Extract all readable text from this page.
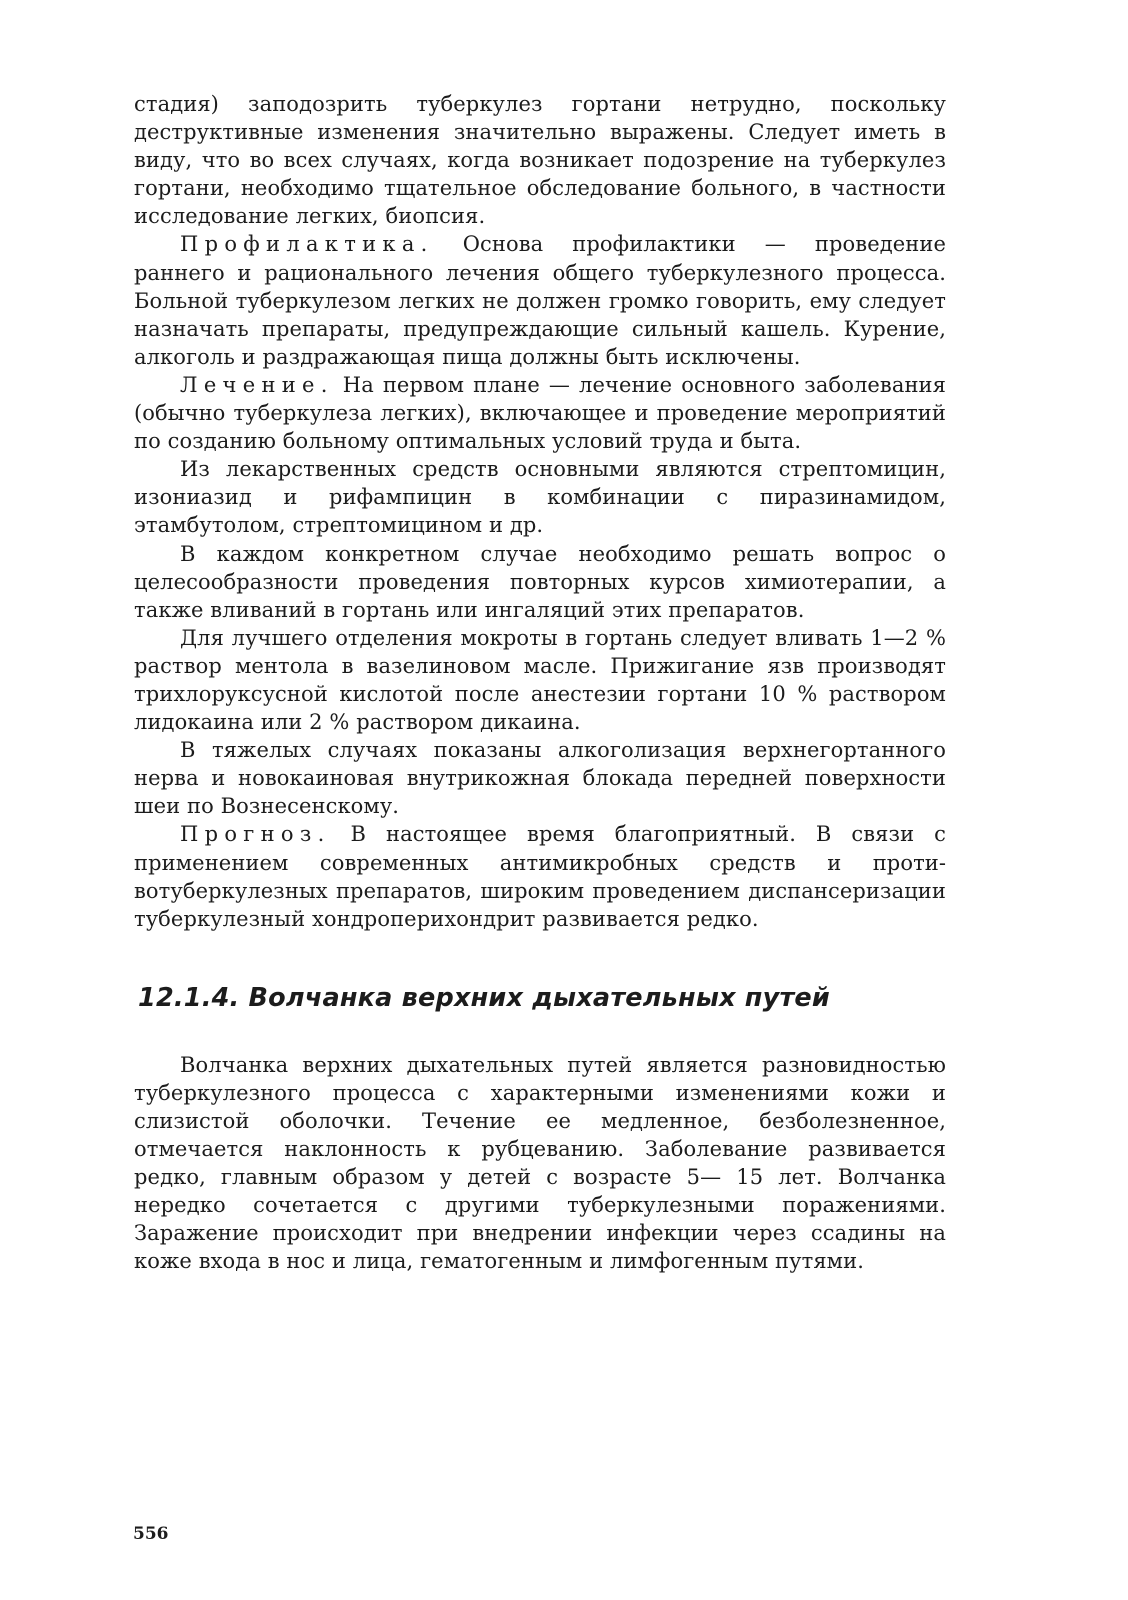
стадия) заподозрить туберкулез гортани нетрудно, поскольку деструктивные изменения значительно выражены. Следует иметь в виду, что во всех случаях, когда возникает подозрение на туберкулез гортани, необходимо тщательное обследование больного, в частности исследование легких, биопсия.

Профилактика. Основа профилактики — проведение раннего и рационального лечения общего туберкулезного процесса. Больной туберкулезом легких не должен громко говорить, ему следует назначать препараты, предупреждающие сильный кашель. Курение, алкоголь и раздражающая пища должны быть исключены.

Лечение. На первом плане — лечение основного заболевания (обычно туберкулеза легких), включающее и проведение мероприятий по созданию больному оптимальных условий труда и быта.

Из лекарственных средств основными являются стрептомицин, изониазид и рифампицин в комбинации с пиразинамидом, этамбутолом, стрептомицином и др.

В каждом конкретном случае необходимо решать вопрос о целесообразности проведения повторных курсов химиотерапии, а также вливаний в гортань или ингаляций этих препаратов.

Для лучшего отделения мокроты в гортань следует вливать 1—2 % раствор ментола в вазелиновом масле. Прижигание язв производят трихлоруксусной кислотой после анестезии гортани 10 % раствором лидокаина или 2 % раствором дикаина.

В тяжелых случаях показаны алкоголизация верхнегортанного нерва и новокаиновая внутрикожная блокада передней поверхности шеи по Вознесенскому.

Прогноз. В настоящее время благоприятный. В связи с применением современных антимикробных средств и противотуберкулезных препаратов, широким проведением диспансеризации туберкулезный хондроперихондрит развивается редко.

12.1.4. Волчанка верхних дыхательных путей

Волчанка верхних дыхательных путей является разновидностью туберкулезного процесса с характерными изменениями кожи и слизистой оболочки. Течение ее медленное, безболезненное, отмечается наклонность к рубцеванию. Заболевание развивается редко, главным образом у детей с возрасте 5— 15 лет. Волчанка нередко сочетается с другими туберкулезными поражениями. Заражение происходит при внедрении инфекции через ссадины на коже входа в нос и лица, гематогенным и лимфогенным путями.

556
